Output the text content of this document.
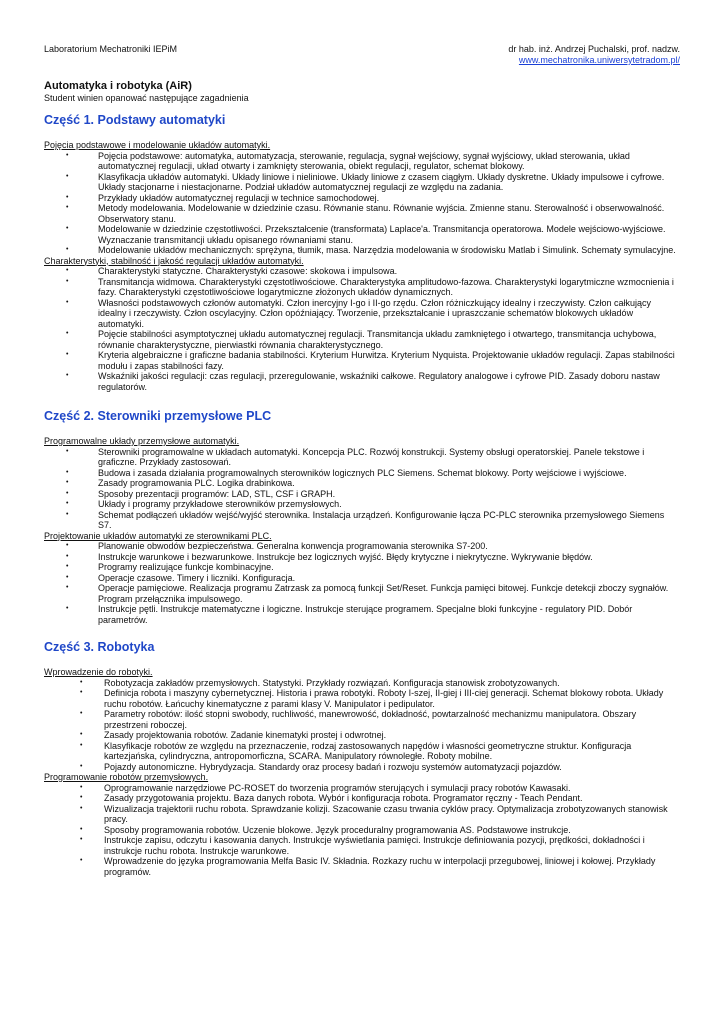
Laboratorium Mechatroniki IEPiM	dr hab. inż. Andrzej Puchalski, prof. nadzw.
www.mechatronika.uniwersytetradom.pl/
Automatyka i robotyka (AiR)
Student winien opanować następujące zagadnienia
Część 1. Podstawy automatyki
Pojęcia podstawowe i modelowanie układów automatyki.
•	Pojęcia podstawowe: automatyka, automatyzacja, sterowanie, regulacja, sygnał wejściowy, sygnał wyjściowy, układ sterowania, układ automatycznej regulacji, układ otwarty i zamknięty sterowania, obiekt regulacji, regulator, schemat blokowy.
•	Klasyfikacja układów automatyki. Układy liniowe i nieliniowe. Układy liniowe z czasem ciągłym. Układy dyskretne. Układy impulsowe i cyfrowe. Układy stacjonarne i niestacjonarne. Podział układów automatycznej regulacji ze względu na zadania.
•	Przykłady układów automatycznej regulacji w technice samochodowej.
•	Metody modelowania. Modelowanie w dziedzinie czasu. Równanie stanu. Równanie wyjścia. Zmienne stanu. Sterowalność i obserwowalność. Obserwatory stanu.
•	Modelowanie w dziedzinie częstotliwości. Przekształcenie (transformata) Laplace'a. Transmitancja operatorowa. Modele wejściowo-wyjściowe. Wyznaczanie transmitancji układu opisanego równaniami stanu.
•	Modelowanie układów mechanicznych: sprężyna, tłumik, masa. Narzędzia modelowania w środowisku Matlab i Simulink. Schematy symulacyjne.
Charakterystyki, stabilność i jakość regulacji układów automatyki.
•	Charakterystyki statyczne. Charakterystyki czasowe: skokowa i impulsowa.
•	Transmitancja widmowa. Charakterystyki częstotliwościowe. Charakterystyka amplitudowo-fazowa. Charakterystyki logarytmiczne wzmocnienia i fazy. Charakterystyki częstotliwościowe logarytmiczne złożonych układów dynamicznych.
•	Własności podstawowych członów automatyki. Człon inercyjny I-go i II-go rzędu. Człon różniczkujący idealny i rzeczywisty. Człon całkujący idealny i rzeczywisty. Człon oscylacyjny. Człon opóźniający. Tworzenie, przekształcanie i upraszczanie schematów blokowych układów automatyki.
•	Pojęcie stabilności asymptotycznej układu automatycznej regulacji. Transmitancja układu zamkniętego i otwartego, transmitancja uchybowa, równanie charakterystyczne, pierwiastki równania charakterystycznego.
•	Kryteria algebraiczne i graficzne badania stabilności. Kryterium Hurwitza. Kryterium Nyquista. Projektowanie układów regulacji. Zapas stabilności modułu i zapas stabilności fazy.
•	Wskaźniki jakości regulacji: czas regulacji, przeregulowanie, wskaźniki całkowe. Regulatory analogowe i cyfrowe PID. Zasady doboru nastaw regulatorów.
Część 2. Sterowniki przemysłowe PLC
Programowalne układy przemysłowe automatyki.
•	Sterowniki programowalne w układach automatyki. Koncepcja PLC. Rozwój konstrukcji. Systemy obsługi operatorskiej. Panele tekstowe i graficzne. Przykłady zastosowań.
•	Budowa i zasada działania programowalnych sterowników logicznych PLC Siemens. Schemat blokowy. Porty wejściowe i wyjściowe.
•	Zasady programowania PLC. Logika drabinkowa.
•	Sposoby prezentacji programów: LAD, STL, CSF i GRAPH.
•	Układy i programy przykładowe sterowników przemysłowych.
•	Schemat podłączeń układów wejść/wyjść sterownika. Instalacja urządzeń. Konfigurowanie łącza PC-PLC sterownika przemysłowego Siemens S7.
Projektowanie układów automatyki ze sterownikami PLC.
•	Planowanie obwodów bezpieczeństwa. Generalna konwencja programowania sterownika S7-200.
•	Instrukcje warunkowe i bezwarunkowe. Instrukcje bez logicznych wyjść. Błędy krytyczne i niekrytyczne. Wykrywanie błędów.
•	Programy realizujące funkcje kombinacyjne.
•	Operacje czasowe. Timery i liczniki. Konfiguracja.
•	Operacje pamięciowe. Realizacja programu Zatrzask za pomocą funkcji Set/Reset. Funkcja pamięci bitowej. Funkcje detekcji zboczy sygnałów. Program przełącznika impulsowego.
•	Instrukcje pętli. Instrukcje matematyczne i logiczne. Instrukcje sterujące programem. Specjalne bloki funkcyjne - regulatory PID. Dobór parametrów.
Część 3. Robotyka
Wprowadzenie do robotyki.
• Robotyzacja zakładów przemysłowych. Statystyki. Przykłady rozwiązań. Konfiguracja stanowisk zrobotyzowanych.
• Definicja robota i maszyny cybernetycznej. Historia i prawa robotyki. Roboty I-szej, II-giej i III-ciej generacji. Schemat blokowy robota. Układy ruchu robotów. Łańcuchy kinematyczne z parami klasy V. Manipulator i pedipulator.
• Parametry robotów: ilość stopni swobody, ruchliwość, manewrowość, dokładność, powtarzalność mechanizmu manipulatora. Obszary przestrzeni roboczej.
• Zasady projektowania robotów. Zadanie kinematyki prostej i odwrotnej.
• Klasyfikacje robotów ze względu na przeznaczenie, rodzaj zastosowanych napędów i własności geometryczne struktur. Konfiguracja kartezjańska, cylindryczna, antropomorficzna, SCARA. Manipulatory równoległe. Roboty mobilne.
• Pojazdy autonomiczne. Hybrydyzacja. Standardy oraz procesy badań i rozwoju systemów automatyzacji pojazdów.
Programowanie robotów przemysłowych.
• Oprogramowanie narzędziowe PC-ROSET do tworzenia programów sterujących i symulacji pracy robotów Kawasaki.
• Zasady przygotowania projektu. Baza danych robota. Wybór i konfiguracja robota. Programator ręczny - Teach Pendant.
• Wizualizacja trajektorii ruchu robota. Sprawdzanie kolizji. Szacowanie czasu trwania cyklów pracy. Optymalizacja zrobotyzowanych stanowisk pracy.
• Sposoby programowania robotów. Uczenie blokowe. Język proceduralny programowania AS. Podstawowe instrukcje.
• Instrukcje zapisu, odczytu i kasowania danych. Instrukcje wyświetlania pamięci. Instrukcje definiowania pozycji, prędkości, dokładności i instrukcje ruchu robota. Instrukcje warunkowe.
• Wprowadzenie do języka programowania Melfa Basic IV. Składnia. Rozkazy ruchu w interpolacji przegubowej, liniowej i kołowej. Przykłady programów.
